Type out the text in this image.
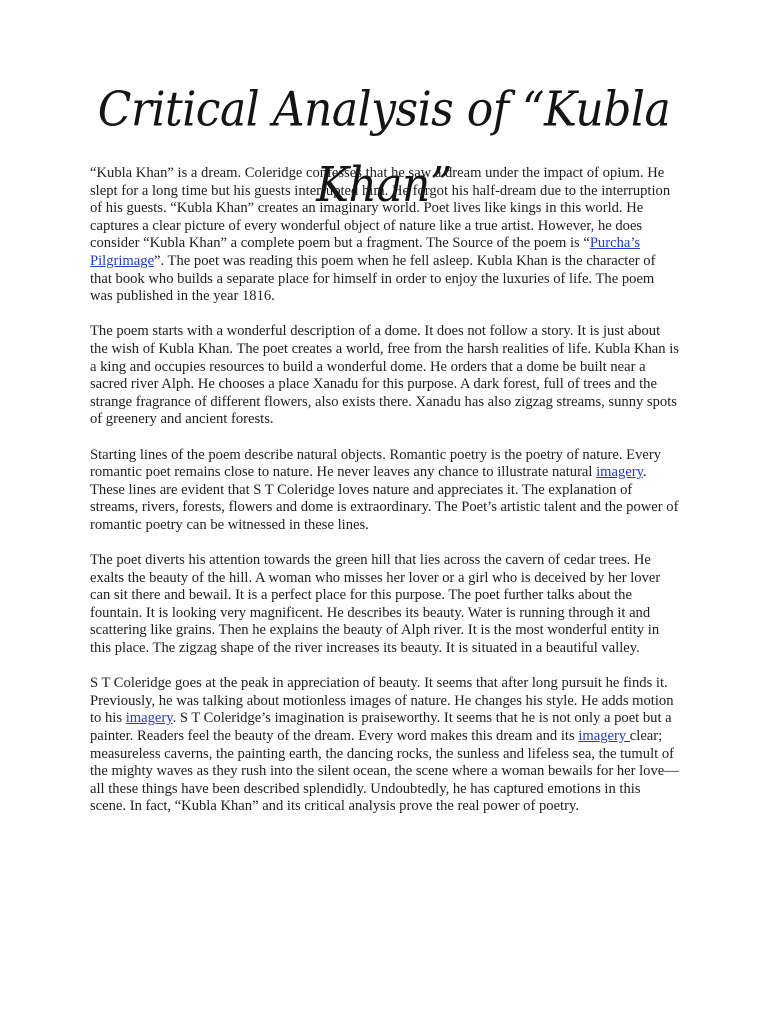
Critical Analysis of “Kubla Khan”

“Kubla Khan” is a dream. Coleridge confesses that he saw a dream under the impact of opium. He slept for a long time but his guests interrupted him. He forgot his half-dream due to the interruption of his guests. “Kubla Khan” creates an imaginary world. Poet lives like kings in this world. He captures a clear picture of every wonderful object of nature like a true artist. However, he does consider “Kubla Khan” a complete poem but a fragment. The Source of the poem is “Purcha’s Pilgrimage”. The poet was reading this poem when he fell asleep. Kubla Khan is the character of that book who builds a separate place for himself in order to enjoy the luxuries of life. The poem was published in the year 1816.

The poem starts with a wonderful description of a dome. It does not follow a story. It is just about the wish of Kubla Khan. The poet creates a world, free from the harsh realities of life. Kubla Khan is a king and occupies resources to build a wonderful dome. He orders that a dome be built near a sacred river Alph. He chooses a place Xanadu for this purpose. A dark forest, full of trees and the strange fragrance of different flowers, also exists there. Xanadu has also zigzag streams, sunny spots of greenery and ancient forests.

Starting lines of the poem describe natural objects. Romantic poetry is the poetry of nature. Every romantic poet remains close to nature. He never leaves any chance to illustrate natural imagery. These lines are evident that S T Coleridge loves nature and appreciates it. The explanation of streams, rivers, forests, flowers and dome is extraordinary. The Poet’s artistic talent and the power of romantic poetry can be witnessed in these lines.

The poet diverts his attention towards the green hill that lies across the cavern of cedar trees. He exalts the beauty of the hill. A woman who misses her lover or a girl who is deceived by her lover can sit there and bewail. It is a perfect place for this purpose. The poet further talks about the fountain. It is looking very magnificent. He describes its beauty. Water is running through it and scattering like grains. Then he explains the beauty of Alph river. It is the most wonderful entity in this place. The zigzag shape of the river increases its beauty. It is situated in a beautiful valley.

S T Coleridge goes at the peak in appreciation of beauty. It seems that after long pursuit he finds it. Previously, he was talking about motionless images of nature. He changes his style. He adds motion to his imagery. S T Coleridge’s imagination is praiseworthy. It seems that he is not only a poet but a painter. Readers feel the beauty of the dream. Every word makes this dream and its imagery clear; measureless caverns, the painting earth, the dancing rocks, the sunless and lifeless sea, the tumult of the mighty waves as they rush into the silent ocean, the scene where a woman bewails for her love— all these things have been described splendidly. Undoubtedly, he has captured emotions in this scene. In fact, “Kubla Khan” and its critical analysis prove the real power of poetry.
